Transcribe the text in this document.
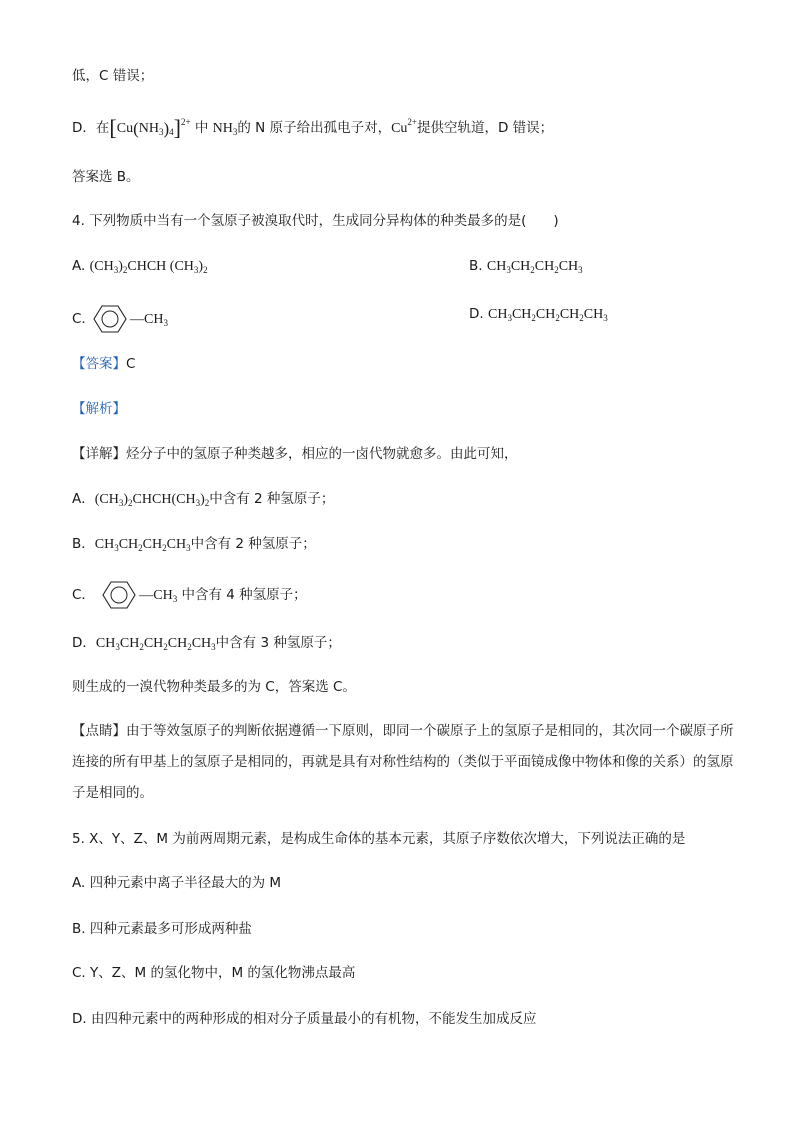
低，C 错误；
D．在$[Cu(NH_3)_4]^{2+}$ 中 $NH_3$的 N 原子给出孤电子对，$Cu^{2+}$提供空轨道，D 错误；
答案选 B。
4. 下列物质中当有一个氢原子被溴取代时，生成同分异构体的种类最多的是(　　)
A. $(CH_3)_2CHCH$ $(CH_3)_2$	B. $CH_3CH_2CH_2CH_3$
C.	$—CH_3$
D. $CH_3CH_2CH_2CH_2CH_3$
【答案】C
【解析】
【详解】烃分子中的氢原子种类越多，相应的一卤代物就愈多。由此可知，
A．$(CH_3)_2CHCH(CH_3)_2$中含有 2 种氢原子；
B．$CH_3CH_2CH_2CH_3$中含有 2 种氢原子；
C．	$—CH_3$ 中含有 4 种氢原子；
D．$CH_3CH_2CH_2CH_2CH_3$中含有 3 种氢原子；
则生成的一溴代物种类最多的为 C，答案选 C。
【点睛】由于等效氢原子的判断依据遵循一下原则，即同一个碳原子上的氢原子是相同的，其次同一个碳原子所连接的所有甲基上的氢原子是相同的，再就是具有对称性结构的（类似于平面镜成像中物体和像的关系）的氢原子是相同的。
5. X、Y、Z、M 为前两周期元素，是构成生命体的基本元素，其原子序数依次增大，下列说法正确的是
A. 四种元素中离子半径最大的为 M
B. 四种元素最多可形成两种盐
C. Y、Z、M 的氢化物中，M 的氢化物沸点最高
D. 由四种元素中的两种形成的相对分子质量最小的有机物，不能发生加成反应
